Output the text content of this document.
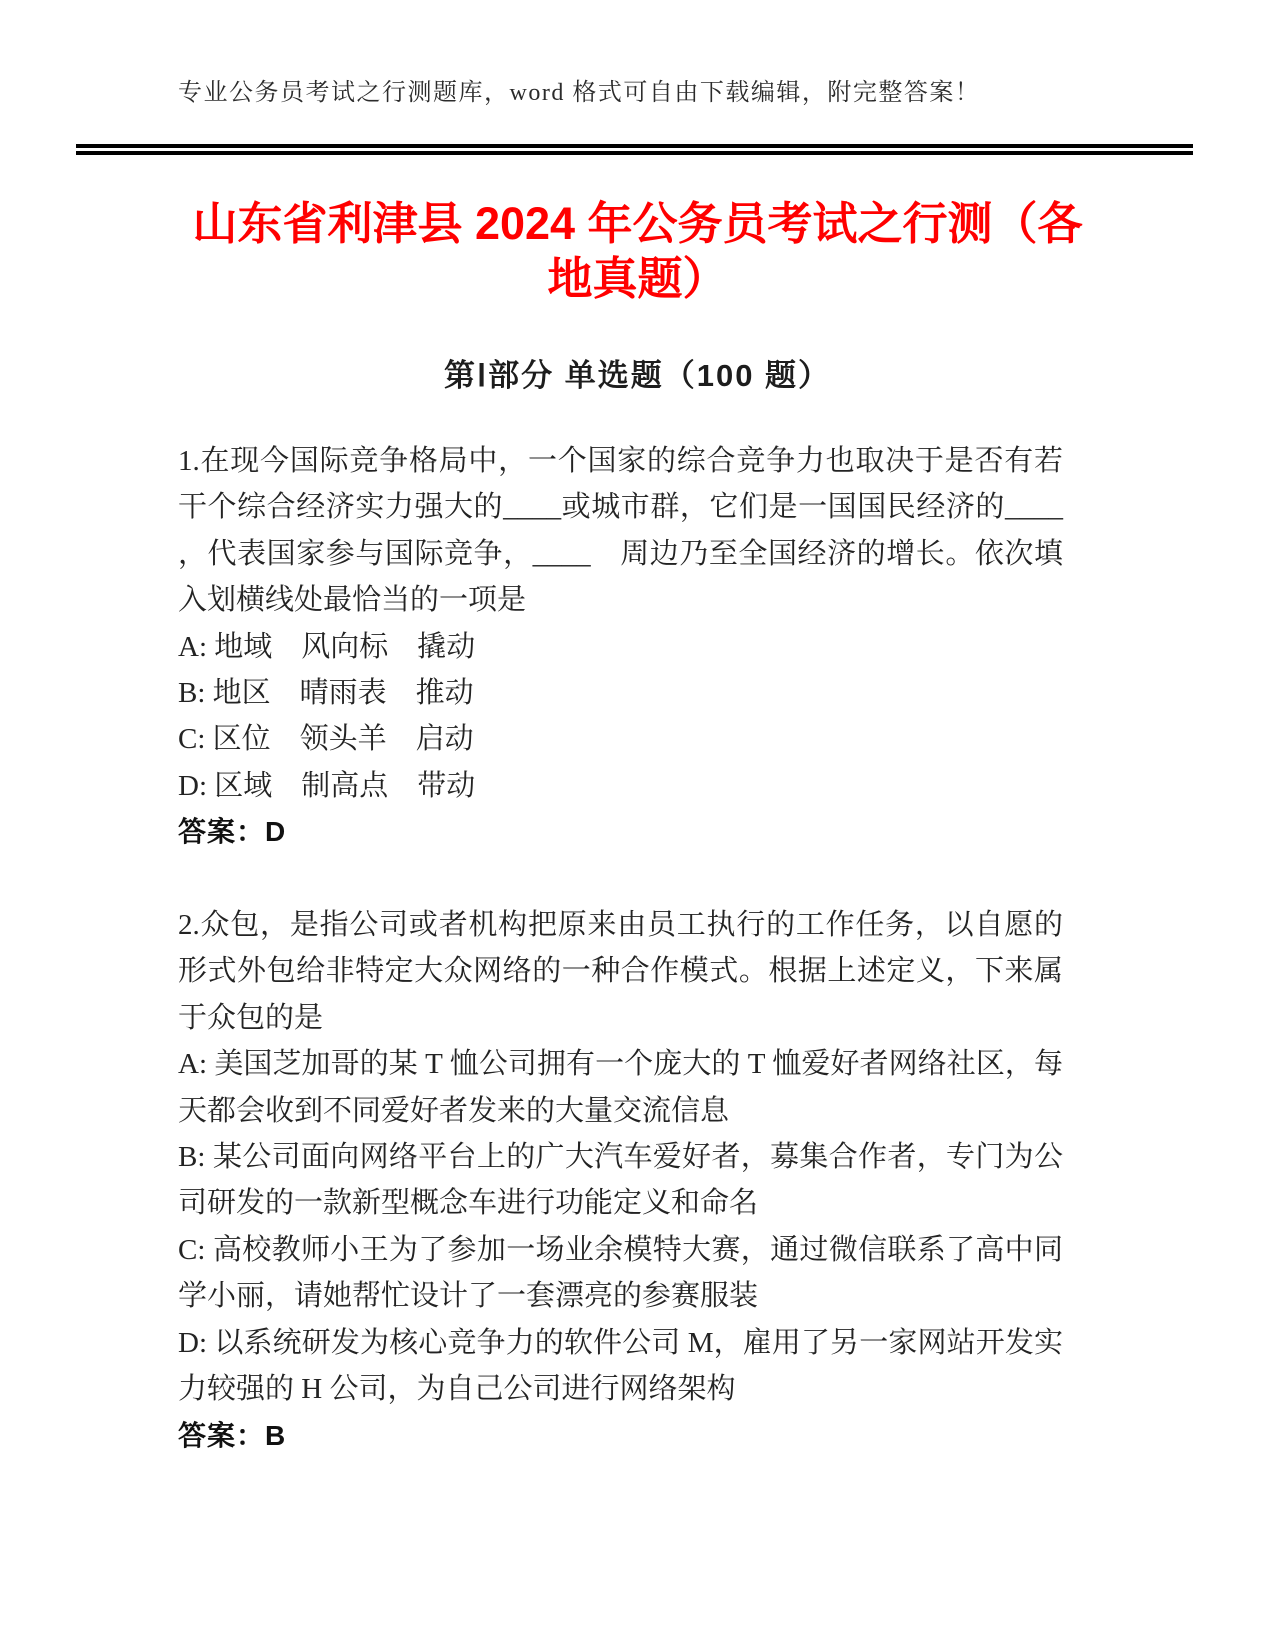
专业公务员考试之行测题库，word 格式可自由下载编辑，附完整答案！
山东省利津县 2024 年公务员考试之行测（各
地真题）
第Ⅰ部分 单选题（100 题）
1.在现今国际竞争格局中，一个国家的综合竞争力也取决于是否有若
干个综合经济实力强大的____或城市群，它们是一国国民经济的____
，代表国家参与国际竞争，____ 周边乃至全国经济的增长。依次填
入划横线处最恰当的一项是
A: 地域　风向标　撬动
B: 地区　晴雨表　推动
C: 区位　领头羊　启动
D: 区域　制高点　带动
答案：D
2.众包，是指公司或者机构把原来由员工执行的工作任务，以自愿的
形式外包给非特定大众网络的一种合作模式。根据上述定义，下来属
于众包的是
A: 美国芝加哥的某 T 恤公司拥有一个庞大的 T 恤爱好者网络社区，每
天都会收到不同爱好者发来的大量交流信息
B: 某公司面向网络平台上的广大汽车爱好者，募集合作者，专门为公
司研发的一款新型概念车进行功能定义和命名
C: 高校教师小王为了参加一场业余模特大赛，通过微信联系了高中同
学小丽，请她帮忙设计了一套漂亮的参赛服装
D: 以系统研发为核心竞争力的软件公司 M，雇用了另一家网站开发实
力较强的 H 公司，为自己公司进行网络架构
答案：B
